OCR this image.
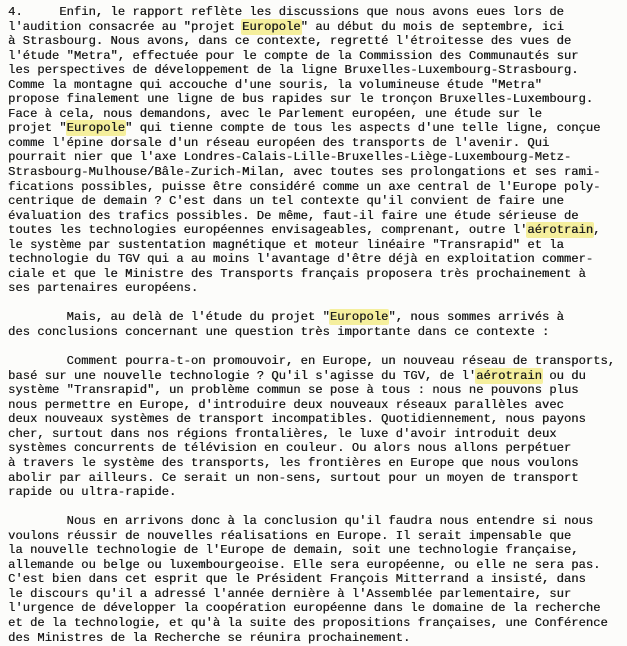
4.     Enfin, le rapport reflète les discussions que nous avons eues lors de
l'audition consacrée au "projet Europole" au début du mois de septembre, ici
à Strasbourg. Nous avons, dans ce contexte, regretté l'étroitesse des vues de
l'étude "Metra", effectuée pour le compte de la Commission des Communautés sur
les perspectives de développement de la ligne Bruxelles-Luxembourg-Strasbourg.
Comme la montagne qui accouche d'une souris, la volumineuse étude "Metra"
propose finalement une ligne de bus rapides sur le tronçon Bruxelles-Luxembourg.
Face à cela, nous demandons, avec le Parlement européen, une étude sur le
projet "Europole" qui tienne compte de tous les aspects d'une telle ligne, conçue
comme l'épine dorsale d'un réseau européen des transports de l'avenir. Qui
pourrait nier que l'axe Londres-Calais-Lille-Bruxelles-Liège-Luxembourg-Metz-
Strasbourg-Mulhouse/Bâle-Zurich-Milan, avec toutes ses prolongations et ses rami-
fications possibles, puisse être considéré comme un axe central de l'Europe poly-
centrique de demain ? C'est dans un tel contexte qu'il convient de faire une
évaluation des trafics possibles. De même, faut-il faire une étude sérieuse de
toutes les technologies européennes envisageables, comprenant, outre l'aérotrain,
le système par sustentation magnétique et moteur linéaire "Transrapid" et la
technologie du TGV qui a au moins l'avantage d'être déjà en exploitation commer-
ciale et que le Ministre des Transports français proposera très prochainement à
ses partenaires européens.
Mais, au delà de l'étude du projet "Europole", nous sommes arrivés à
des conclusions concernant une question très importante dans ce contexte :
Comment pourra-t-on promouvoir, en Europe, un nouveau réseau de transports,
basé sur une nouvelle technologie ? Qu'il s'agisse du TGV, de l'aérotrain ou du
système "Transrapid", un problème commun se pose à tous : nous ne pouvons plus
nous permettre en Europe, d'introduire deux nouveaux réseaux parallèles avec
deux nouveaux systèmes de transport incompatibles. Quotidiennement, nous payons
cher, surtout dans nos régions frontalières, le luxe d'avoir introduit deux
systèmes concurrents de télévision en couleur. Ou alors nous allons perpétuer
à travers le système des transports, les frontières en Europe que nous voulons
abolir par ailleurs. Ce serait un non-sens, surtout pour un moyen de transport
rapide ou ultra-rapide.
Nous en arrivons donc à la conclusion qu'il faudra nous entendre si nous
voulons réussir de nouvelles réalisations en Europe. Il serait impensable que
la nouvelle technologie de l'Europe de demain, soit une technologie française,
allemande ou belge ou luxembourgeoise. Elle sera européenne, ou elle ne sera pas.
C'est bien dans cet esprit que le Président François Mitterrand a insisté, dans
le discours qu'il a adressé l'année dernière à l'Assemblée parlementaire, sur
l'urgence de développer la coopération européenne dans le domaine de la recherche
et de la technologie, et qu'à la suite des propositions françaises, une Conférence
des Ministres de la Recherche se réunira prochainement.
